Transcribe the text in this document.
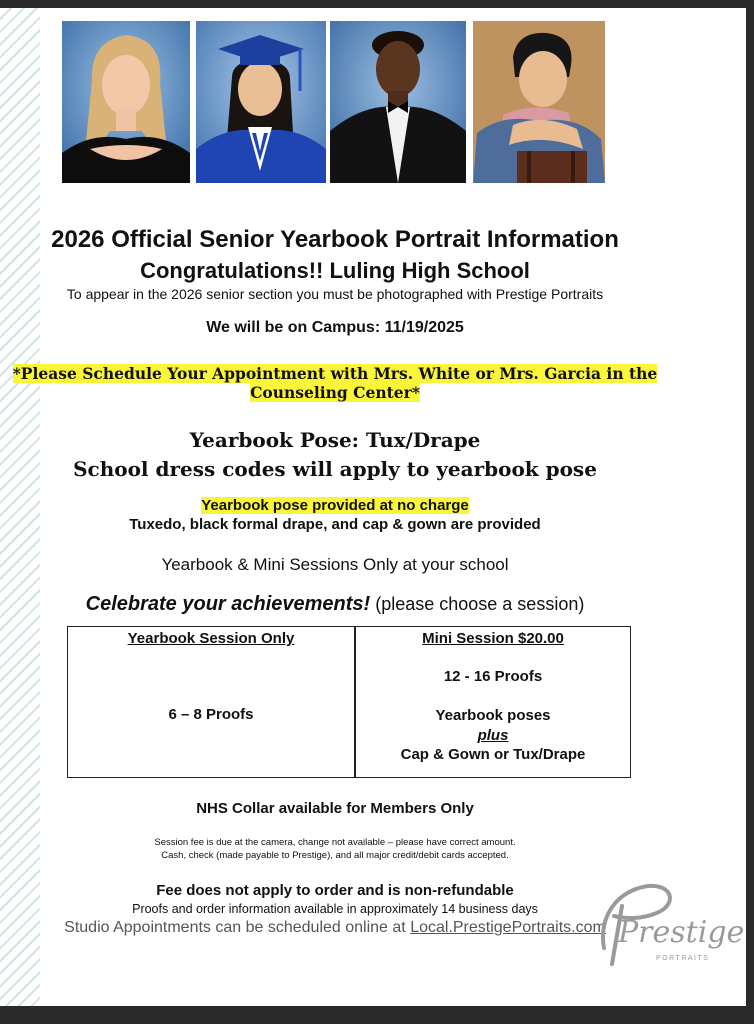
2026 Official Senior Yearbook Portrait Information
Congratulations!! Luling High School
To appear in the 2026 senior section you must be photographed with Prestige Portraits
We will be on Campus: 11/19/2025
*Please Schedule Your Appointment with Mrs. White or Mrs. Garcia in the
Counseling Center*
Yearbook Pose: Tux/Drape
School dress codes will apply to yearbook pose
Yearbook pose provided at no charge
Tuxedo, black formal drape, and cap & gown are provided
Yearbook & Mini Sessions Only at your school
Celebrate your achievements! (please choose a session)
Yearbook Session Only
6 – 8 Proofs
Mini Session $20.00
12 - 16 Proofs
Yearbook poses
plus
Cap & Gown or Tux/Drape
NHS Collar available for Members Only
Session fee is due at the camera, change not available – please have correct amount.
Cash, check (made payable to Prestige), and all major credit/debit cards accepted.
Fee does not apply to order and is non-refundable
Proofs and order information available in approximately 14 business days
Studio Appointments can be scheduled online at Local.PrestigePortraits.com Prestige
PORTRAITS
